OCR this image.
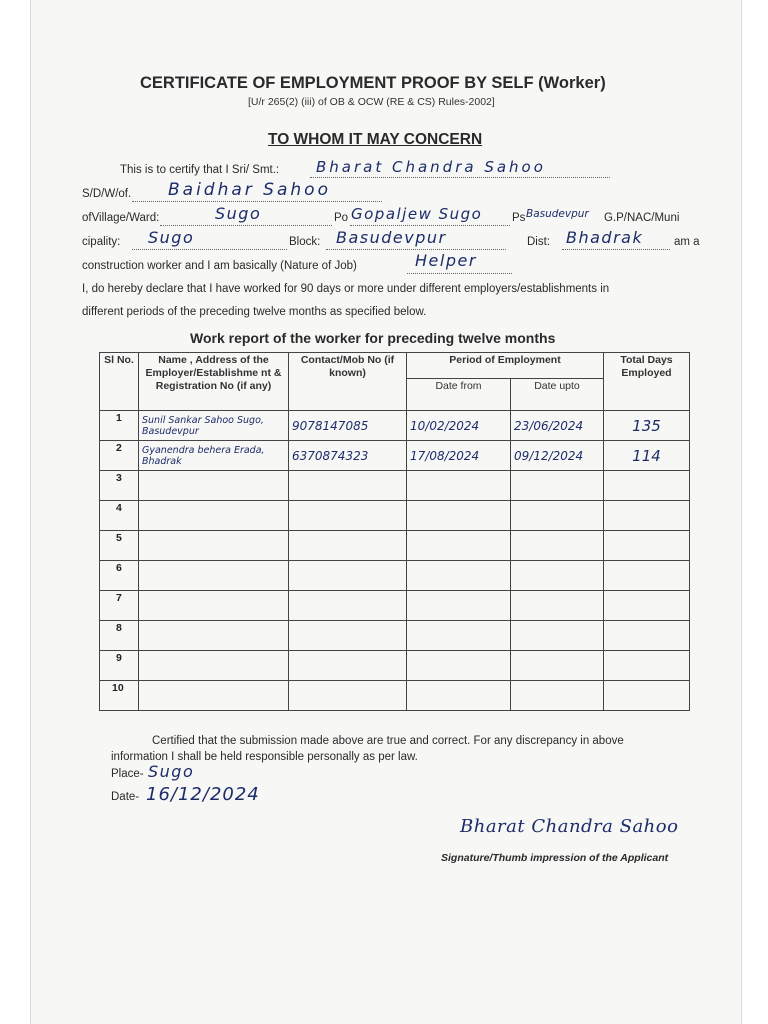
CERTIFICATE OF EMPLOYMENT PROOF BY SELF (Worker)
[U/r 265(2) (iii) of OB & OCW (RE & CS) Rules-2002]
TO WHOM IT MAY CONCERN
This is to certify that I Sri/ Smt.: Bharat Chandra Sahoo
S/D/W/of. Baidhar Sahoo
ofVillage/Ward:	Sugo	Po Gopaljew Sugo	Ps Basudevpur G.P/NAC/Muni
cipality: Sugo	Block: Basudevpur	Dist: Bhadrak	am a
construction worker and I am basically (Nature of Job)	Helper
I, do hereby declare that I have worked for 90 days or more under different employers/establishments in
different periods of the preceding twelve months as specified below.
Work report of the worker for preceding twelve months
Sl No.	Name , Address of the Employer/Establishme nt & Registration No (if any)	Contact/Mob No (if known)	Period of Employment		Total Days Employed
			Date from	Date upto	
1	Sunil Sankar Sahoo Sugo, Basudevpur	9078147085	10/02/2024	23/06/2024	135
2	Gyanendra behera Erada, Bhadrak	6370874323	17/08/2024	09/12/2024	114
3					
4					
5					
6					
7					
8					
9					
10					
Certified that the submission made above are true and correct. For any discrepancy in above
information I shall be held responsible personally as per law.
Place- Sugo
Date- 16/12/2024
Bharat Chandra Sahoo
Signature/Thumb impression of the Applicant
